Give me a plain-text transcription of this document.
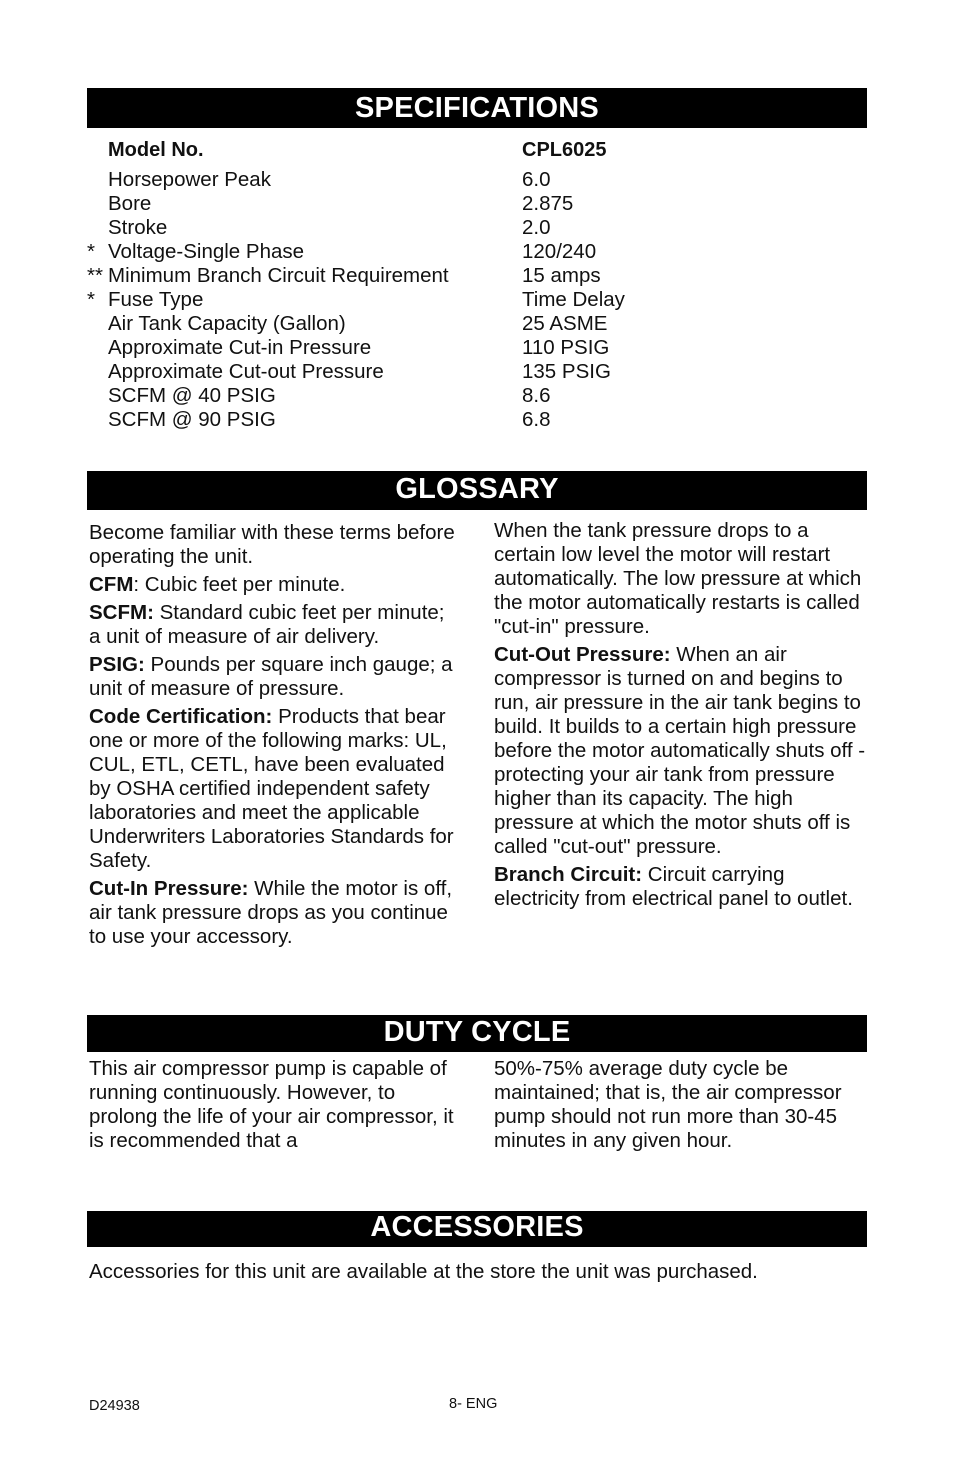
SPECIFICATIONS
Model No.	CPL6025
Horsepower Peak	6.0
Bore	2.875
Stroke	2.0
* Voltage-Single Phase	120/240
** Minimum Branch Circuit Requirement	15 amps
* Fuse Type	Time Delay
Air Tank Capacity (Gallon)	25 ASME
Approximate Cut-in Pressure	110 PSIG
Approximate Cut-out Pressure	135 PSIG
SCFM @ 40 PSIG	8.6
SCFM @ 90 PSIG	6.8
GLOSSARY

Become familiar with these terms before operating the unit.

CFM: Cubic feet per minute.

SCFM: Standard cubic feet per minute; a unit of measure of air delivery.

PSIG: Pounds per square inch gauge; a unit of measure of pressure.

Code Certification: Products that bear one or more of the following marks: UL, CUL, ETL, CETL, have been evaluated by OSHA certified independent safety laboratories and meet the applicable Underwriters Laboratories Standards for Safety.

Cut-In Pressure: While the motor is off, air tank pressure drops as you continue to use your accessory.

When the tank pressure drops to a certain low level the motor will restart automatically. The low pressure at which the motor automatically restarts is called "cut-in" pressure.

Cut-Out Pressure: When an air compressor is turned on and begins to run, air pressure in the air tank begins to build. It builds to a certain high pressure before the motor automatically shuts off - protecting your air tank from pressure higher than its capacity. The high pressure at which the motor shuts off is called "cut-out" pressure.

Branch Circuit: Circuit carrying electricity from electrical panel to outlet.

DUTY CYCLE

This air compressor pump is capable of running continuously. However, to prolong the life of your air compressor, it is recommended that a

50%-75% average duty cycle be maintained; that is, the air compressor pump should not run more than 30-45 minutes in any given hour.

ACCESSORIES
Accessories for this unit are available at the store the unit was purchased.
D24938	8- ENG
